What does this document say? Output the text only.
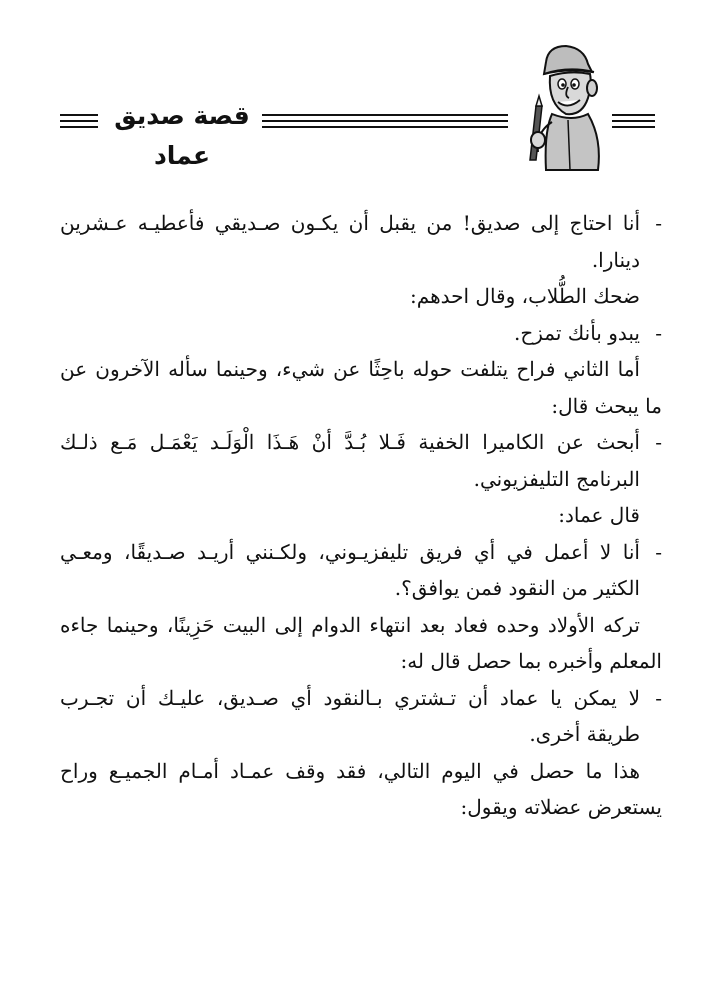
قصة صديق عماد

-
أنا احتاج إلى صديق! من يقبل أن يكـون صـديقي فأعطيـه عـشرين دينارا.

ضحك الطُّلاب، وقال احدهم:

-
يبدو بأنك تمزح.

أما الثاني فراح يتلفت حوله باحِثًا عن شيء، وحينما سأله الآخرون عن ما يبحث قال:

-
أبحث عن الكاميرا الخفية فَـلا بُـدَّ أنْ هَـذَا الْوَلَـد يَعْمَـل مَـع ذلـك البرنامج التليفزيوني.

قال عماد:

-
أنا لا أعمل في أي فريق تليفزيـوني، ولكـنني أريـد صـديقًا، ومعـي الكثير من النقود فمن يوافق؟.

تركه الأولاد وحده فعاد بعد انتهاء الدوام إلى البيت حَزِينًا، وحينما جاءه المعلم وأخبره بما حصل قال له:

-
لا يمكن يا عماد أن تـشتري بـالنقود أي صـديق، عليـك أن تجـرب طريقة أخرى.

هذا ما حصل في اليوم التالي، فقد وقف عمـاد أمـام الجميـع وراح يستعرض عضلاته ويقول:
